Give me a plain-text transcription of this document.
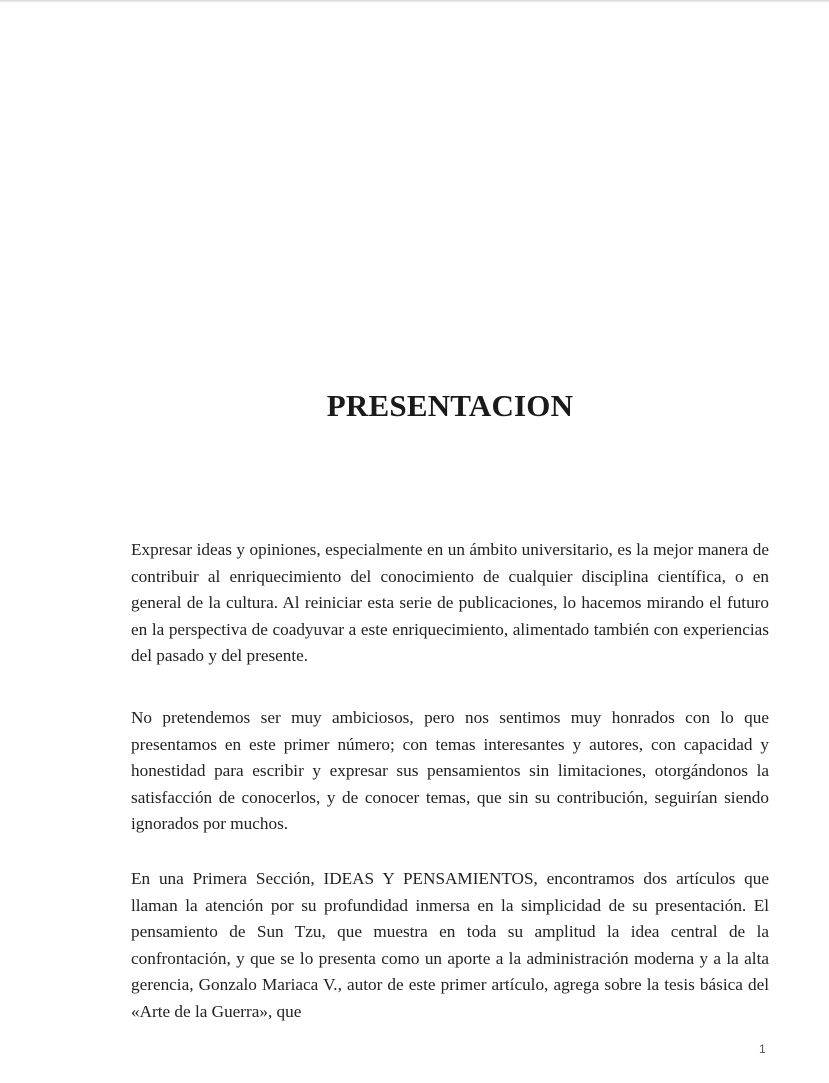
PRESENTACION

Expresar ideas y opiniones, especialmente en un ámbito universitario, es la mejor manera de contribuir al enriquecimiento del conocimiento de cualquier disciplina científica, o en general de la cultura. Al reiniciar esta serie de publicaciones, lo hacemos mirando el futuro en la perspectiva de coadyuvar a este enriquecimiento, alimentado también con experiencias del pasado y del presente.

No pretendemos ser muy ambiciosos, pero nos sentimos muy honrados con lo que presentamos en este primer número; con temas interesantes y autores, con capacidad y honestidad para escribir y expresar sus pensamientos sin limitaciones, otorgándonos la satisfacción de conocerlos, y de conocer temas, que sin su contribución, seguirían siendo ignorados por muchos.

En una Primera Sección, IDEAS Y PENSAMIENTOS, encontramos dos artículos que llaman la atención por su profundidad inmersa en la simplicidad de su presentación. El pensamiento de Sun Tzu, que muestra en toda su amplitud la idea central de la confrontación, y que se lo presenta como un aporte a la administración moderna y a la alta gerencia, Gonzalo Mariaca V., autor de este primer artículo, agrega sobre la tesis básica del «Arte de la Guerra», que

1
